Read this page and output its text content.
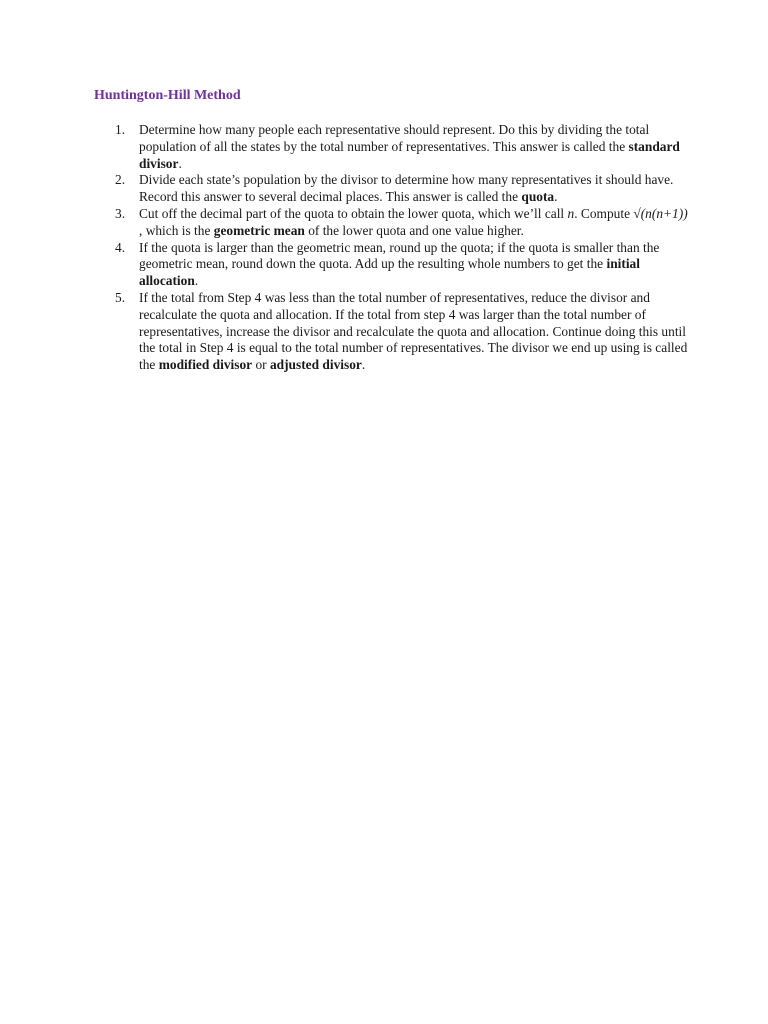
Huntington-Hill Method
1. Determine how many people each representative should represent. Do this by dividing the total population of all the states by the total number of representatives. This answer is called the standard divisor.
2. Divide each state’s population by the divisor to determine how many representatives it should have. Record this answer to several decimal places. This answer is called the quota.
3. Cut off the decimal part of the quota to obtain the lower quota, which we’ll call n. Compute √(n(n+1)) , which is the geometric mean of the lower quota and one value higher.
4. If the quota is larger than the geometric mean, round up the quota; if the quota is smaller than the geometric mean, round down the quota. Add up the resulting whole numbers to get the initial allocation.
5. If the total from Step 4 was less than the total number of representatives, reduce the divisor and recalculate the quota and allocation. If the total from step 4 was larger than the total number of representatives, increase the divisor and recalculate the quota and allocation. Continue doing this until the total in Step 4 is equal to the total number of representatives. The divisor we end up using is called the modified divisor or adjusted divisor.
